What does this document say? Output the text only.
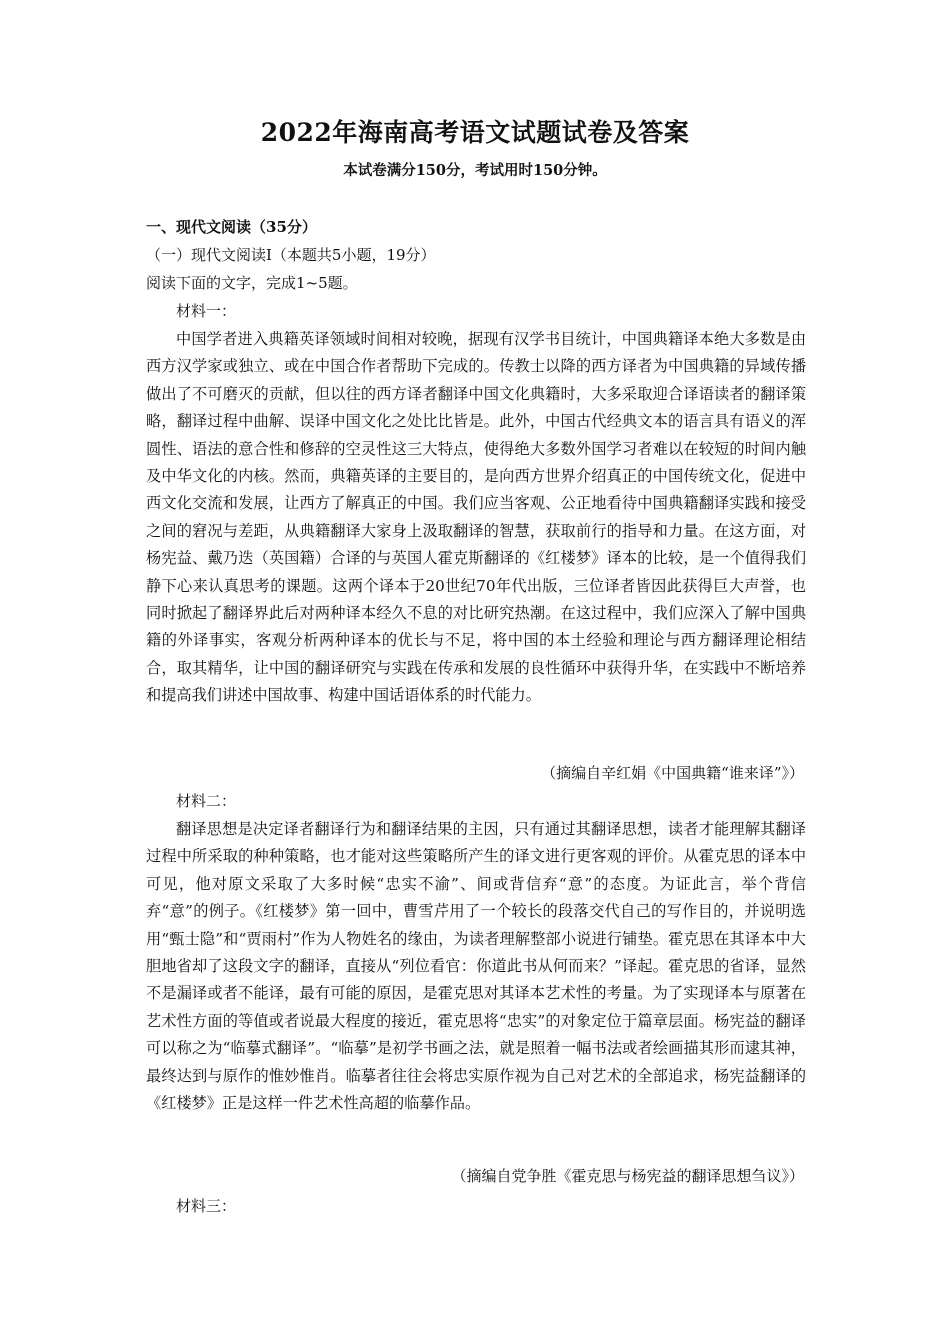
2022年海南高考语文试题试卷及答案
本试卷满分150分，考试用时150分钟。
一、现代文阅读（35分）
（一）现代文阅读Ⅰ（本题共5小题，19分）
阅读下面的文字，完成1~5题。
材料一：
中国学者进入典籍英译领域时间相对较晚，据现有汉学书目统计，中国典籍译本绝大多数是由西方汉学家或独立、或在中国合作者帮助下完成的。传教士以降的西方译者为中国典籍的异域传播做出了不可磨灭的贡献，但以往的西方译者翻译中国文化典籍时，大多采取迎合译语读者的翻译策略，翻译过程中曲解、误译中国文化之处比比皆是。此外，中国古代经典文本的语言具有语义的浑圆性、语法的意合性和修辞的空灵性这三大特点，使得绝大多数外国学习者难以在较短的时间内触及中华文化的内核。然而，典籍英译的主要目的，是向西方世界介绍真正的中国传统文化，促进中西文化交流和发展，让西方了解真正的中国。我们应当客观、公正地看待中国典籍翻译实践和接受之间的窘况与差距，从典籍翻译大家身上汲取翻译的智慧，获取前行的指导和力量。在这方面，对杨宪益、戴乃迭（英国籍）合译的与英国人霍克斯翻译的《红楼梦》译本的比较，是一个值得我们静下心来认真思考的课题。这两个译本于20世纪70年代出版，三位译者皆因此获得巨大声誉，也同时掀起了翻译界此后对两种译本经久不息的对比研究热潮。在这过程中，我们应深入了解中国典籍的外译事实，客观分析两种译本的优长与不足，将中国的本土经验和理论与西方翻译理论相结合，取其精华，让中国的翻译研究与实践在传承和发展的良性循环中获得升华，在实践中不断培养和提高我们讲述中国故事、构建中国话语体系的时代能力。
（摘编自辛红娟《中国典籍“谁来译”》）
材料二：
翻译思想是决定译者翻译行为和翻译结果的主因，只有通过其翻译思想，读者才能理解其翻译过程中所采取的种种策略，也才能对这些策略所产生的译文进行更客观的评价。从霍克思的译本中可见，他对原文采取了大多时候“忠实不渝”、间或背信弃“意”的态度。为证此言，举个背信弃“意”的例子。《红楼梦》第一回中，曹雪芹用了一个较长的段落交代自己的写作目的，并说明选用“甄士隐”和“贾雨村”作为人物姓名的缘由，为读者理解整部小说进行铺垫。霍克思在其译本中大胆地省却了这段文字的翻译，直接从“列位看官：你道此书从何而来？”译起。霍克思的省译，显然不是漏译或者不能译，最有可能的原因，是霍克思对其译本艺术性的考量。为了实现译本与原著在艺术性方面的等值或者说最大程度的接近，霍克思将“忠实”的对象定位于篇章层面。杨宪益的翻译可以称之为“临摹式翻译”。“临摹”是初学书画之法，就是照着一幅书法或者绘画描其形而逮其神，最终达到与原作的惟妙惟肖。临摹者往往会将忠实原作视为自己对艺术的全部追求，杨宪益翻译的《红楼梦》正是这样一件艺术性高超的临摹作品。
（摘编自党争胜《霍克思与杨宪益的翻译思想刍议》）
材料三：
